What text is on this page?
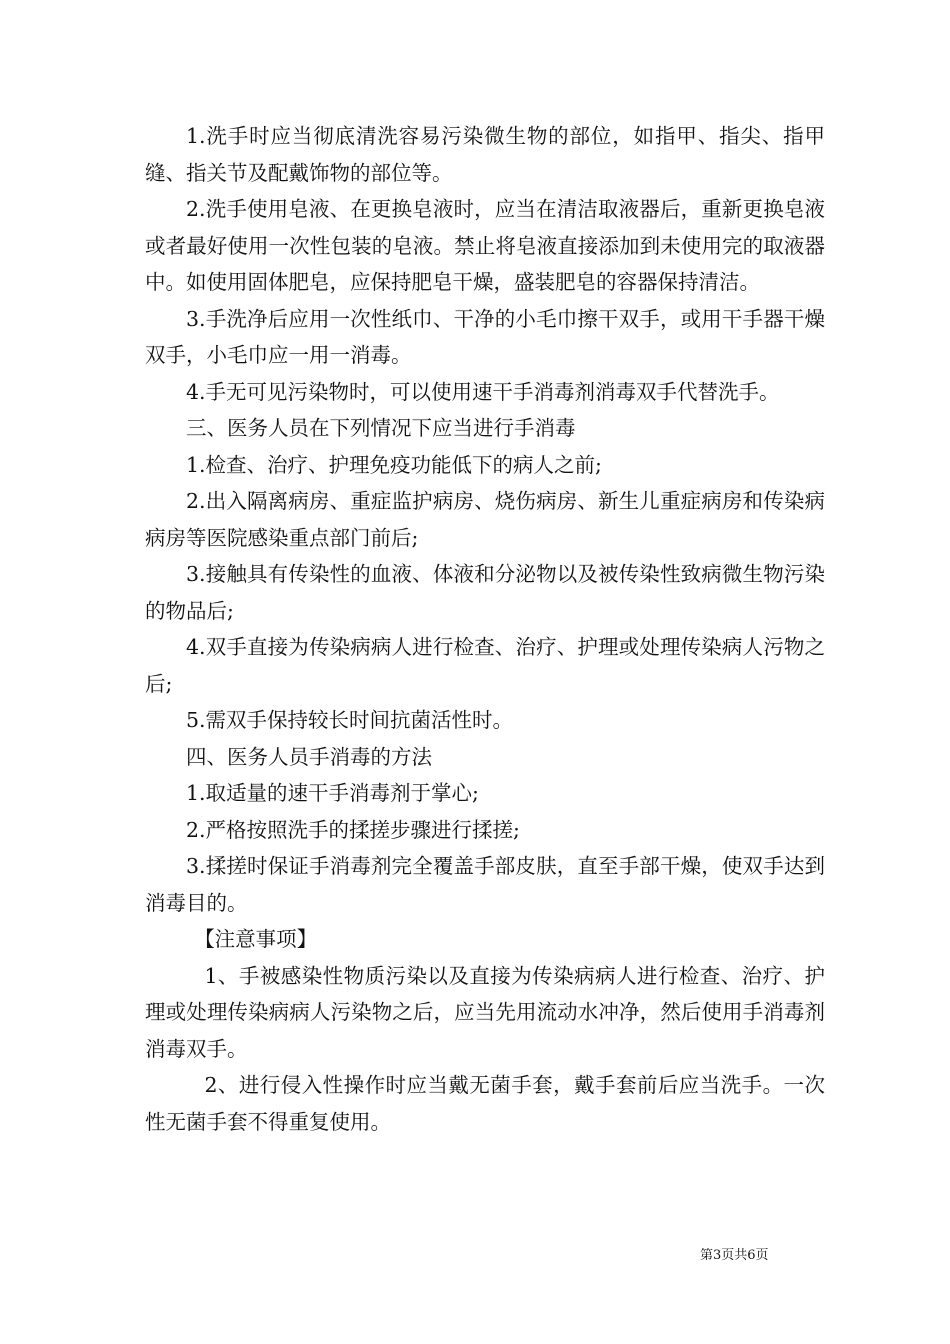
1.洗手时应当彻底清洗容易污染微生物的部位，如指甲、指尖、指甲缝、指关节及配戴饰物的部位等。

2.洗手使用皂液、在更换皂液时，应当在清洁取液器后，重新更换皂液或者最好使用一次性包装的皂液。禁止将皂液直接添加到未使用完的取液器中。如使用固体肥皂，应保持肥皂干燥，盛装肥皂的容器保持清洁。

3.手洗净后应用一次性纸巾、干净的小毛巾擦干双手，或用干手器干燥双手，小毛巾应一用一消毒。

4.手无可见污染物时，可以使用速干手消毒剂消毒双手代替洗手。

三、医务人员在下列情况下应当进行手消毒

1.检查、治疗、护理免疫功能低下的病人之前;

2.出入隔离病房、重症监护病房、烧伤病房、新生儿重症病房和传染病病房等医院感染重点部门前后;

3.接触具有传染性的血液、体液和分泌物以及被传染性致病微生物污染的物品后;

4.双手直接为传染病病人进行检查、治疗、护理或处理传染病人污物之后;

5.需双手保持较长时间抗菌活性时。

四、医务人员手消毒的方法

1.取适量的速干手消毒剂于掌心;

2.严格按照洗手的揉搓步骤进行揉搓;

3.揉搓时保证手消毒剂完全覆盖手部皮肤，直至手部干燥，使双手达到消毒目的。

【注意事项】

1、手被感染性物质污染以及直接为传染病病人进行检查、治疗、护理或处理传染病病人污染物之后，应当先用流动水冲净，然后使用手消毒剂消毒双手。

2、进行侵入性操作时应当戴无菌手套，戴手套前后应当洗手。一次性无菌手套不得重复使用。

第3页共6页
